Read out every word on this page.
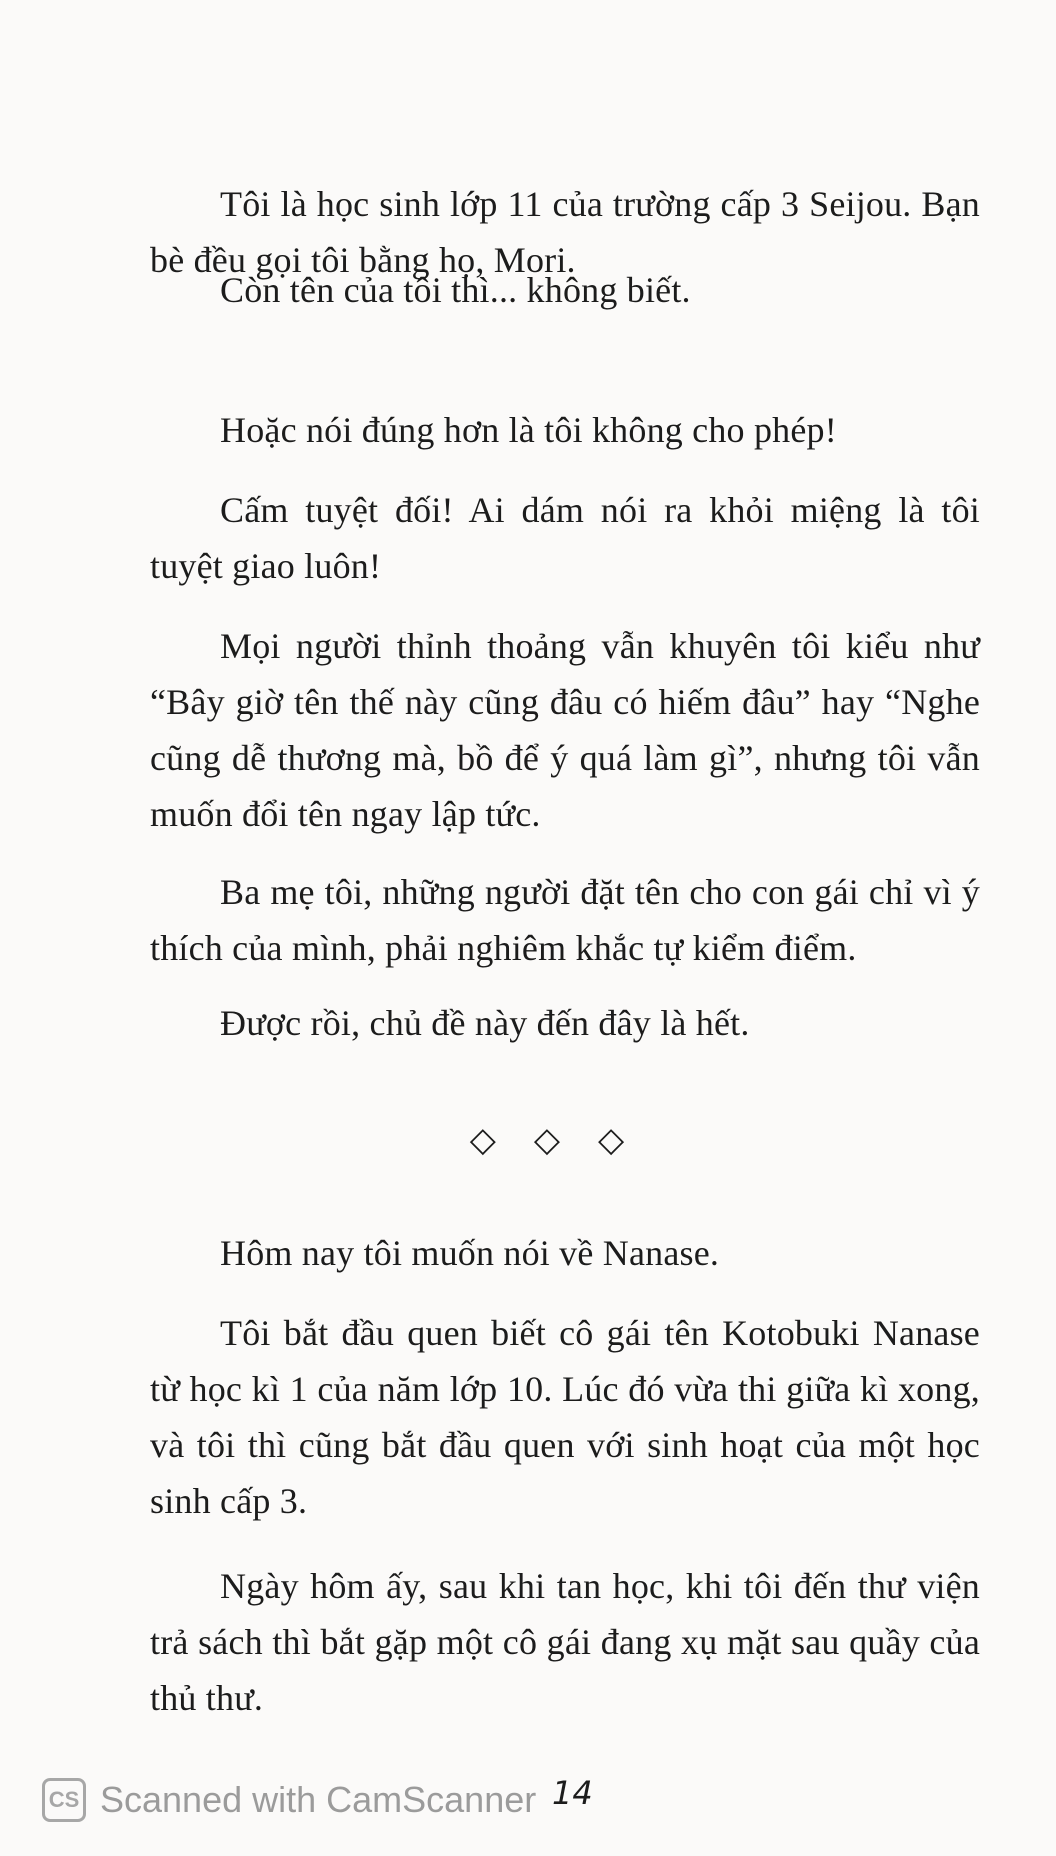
Tôi là học sinh lớp 11 của trường cấp 3 Seijou. Bạn bè đều gọi tôi bằng họ, Mori.

Còn tên của tôi thì... không biết.

Hoặc nói đúng hơn là tôi không cho phép!

Cấm tuyệt đối! Ai dám nói ra khỏi miệng là tôi tuyệt giao luôn!

Mọi người thỉnh thoảng vẫn khuyên tôi kiểu như “Bây giờ tên thế này cũng đâu có hiếm đâu” hay “Nghe cũng dễ thương mà, bồ để ý quá làm gì”, nhưng tôi vẫn muốn đổi tên ngay lập tức.

Ba mẹ tôi, những người đặt tên cho con gái chỉ vì ý thích của mình, phải nghiêm khắc tự kiểm điểm.

Được rồi, chủ đề này đến đây là hết.

◇◇◇

Hôm nay tôi muốn nói về Nanase.

Tôi bắt đầu quen biết cô gái tên Kotobuki Nanase từ học kì 1 của năm lớp 10. Lúc đó vừa thi giữa kì xong, và tôi thì cũng bắt đầu quen với sinh hoạt của một học sinh cấp 3.

Ngày hôm ấy, sau khi tan học, khi tôi đến thư viện trả sách thì bắt gặp một cô gái đang xụ mặt sau quầy của thủ thư.

CS Scanned with CamScanner 14
